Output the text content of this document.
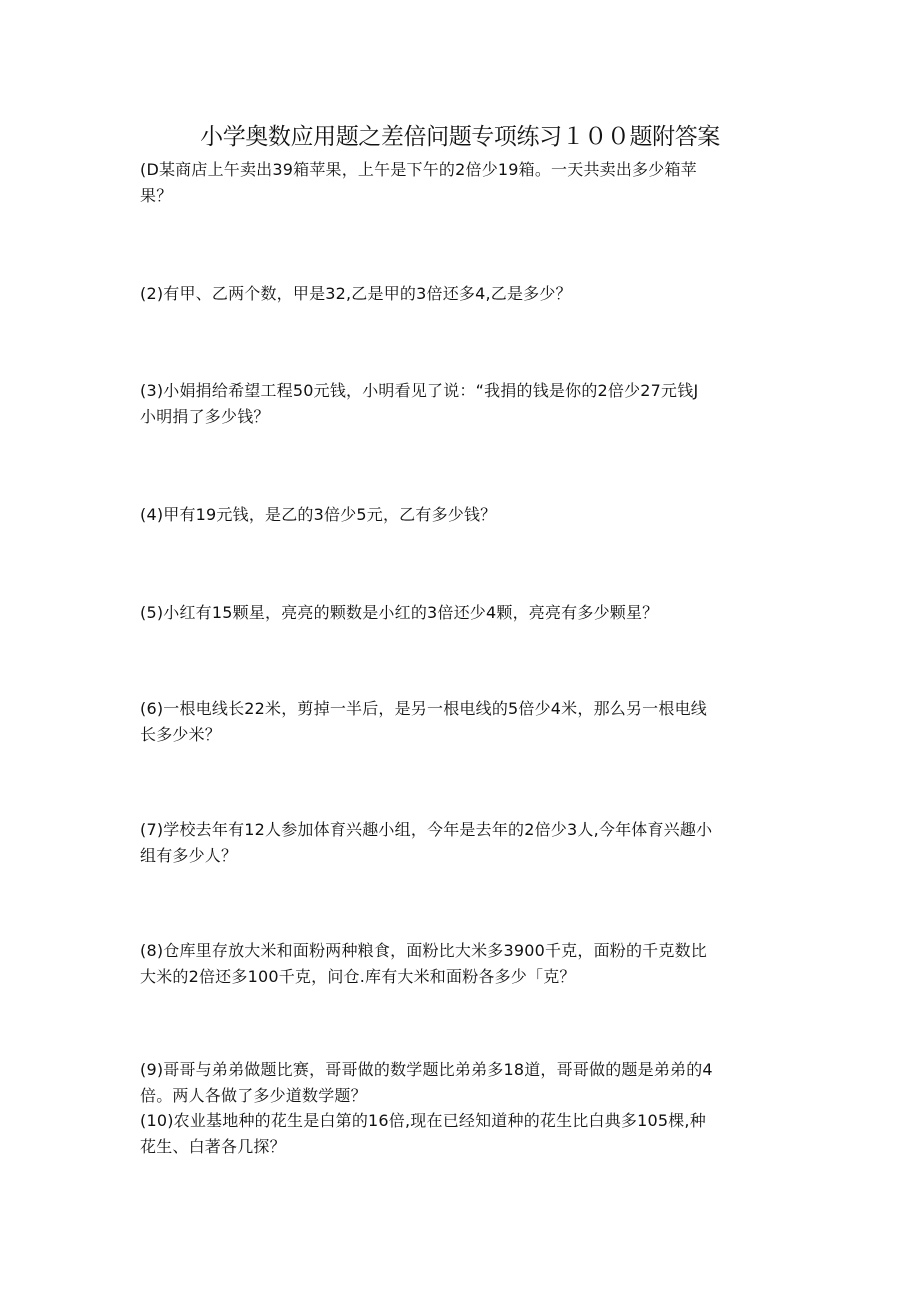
小学奥数应用题之差倍问题专项练习１００题附答案
(D某商店上午卖出39箱苹果，上午是下午的2倍少19箱。一天共卖出多少箱苹
果？
(2)有甲、乙两个数，甲是32,乙是甲的3倍还多4,乙是多少？
(3)小娟捐给希望工程50元钱，小明看见了说：“我捐的钱是你的2倍少27元钱J
小明捐了多少钱？
(4)甲有19元钱，是乙的3倍少5元，乙有多少钱？
(5)小红有15颗星，亮亮的颗数是小红的3倍还少4颗，亮亮有多少颗星？
(6)一根电线长22米，剪掉一半后，是另一根电线的5倍少4米，那么另一根电线
长多少米？
(7)学校去年有12人参加体育兴趣小组，今年是去年的2倍少3人,今年体育兴趣小
组有多少人？
(8)仓库里存放大米和面粉两种粮食，面粉比大米多3900千克，面粉的千克数比
大米的2倍还多100千克，问仓.库有大米和面粉各多少「克？
(9)哥哥与弟弟做题比赛，哥哥做的数学题比弟弟多18道，哥哥做的题是弟弟的4
倍。两人各做了多少道数学题？
(10)农业基地种的花生是白第的16倍,现在已经知道种的花生比白典多105棵,种
花生、白著各几探？
